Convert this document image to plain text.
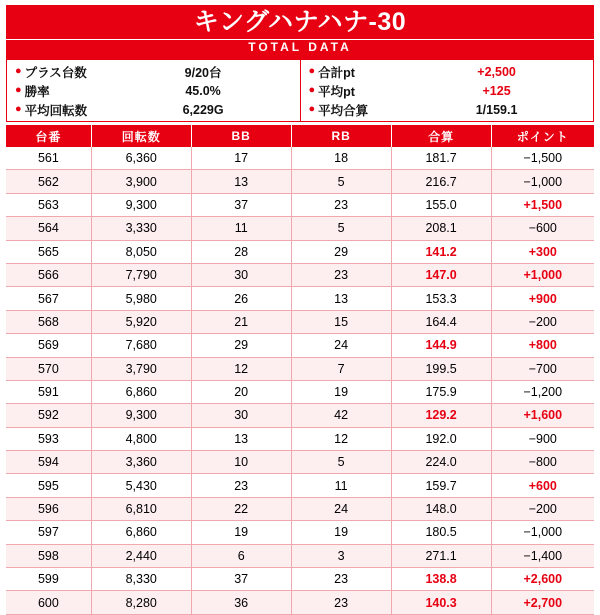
キングハナハナ-30
TOTAL DATA
● プラス台数	9/20台
● 勝率	45.0%
● 平均回転数	6,229G
● 合計pt	+2,500
● 平均pt	+125
● 平均合算	1/159.1
台番	回転数	BB	RB	合算	ポイント
561	6,360	17	18	181.7	−1,500
562	3,900	13	5	216.7	−1,000
563	9,300	37	23	155.0	+1,500
564	3,330	11	5	208.1	−600
565	8,050	28	29	141.2	+300
566	7,790	30	23	147.0	+1,000
567	5,980	26	13	153.3	+900
568	5,920	21	15	164.4	−200
569	7,680	29	24	144.9	+800
570	3,790	12	7	199.5	−700
591	6,860	20	19	175.9	−1,200
592	9,300	30	42	129.2	+1,600
593	4,800	13	12	192.0	−900
594	3,360	10	5	224.0	−800
595	5,430	23	11	159.7	+600
596	6,810	22	24	148.0	−200
597	6,860	19	19	180.5	−1,000
598	2,440	6	3	271.1	−1,400
599	8,330	37	23	138.8	+2,600
600	8,280	36	23	140.3	+2,700
